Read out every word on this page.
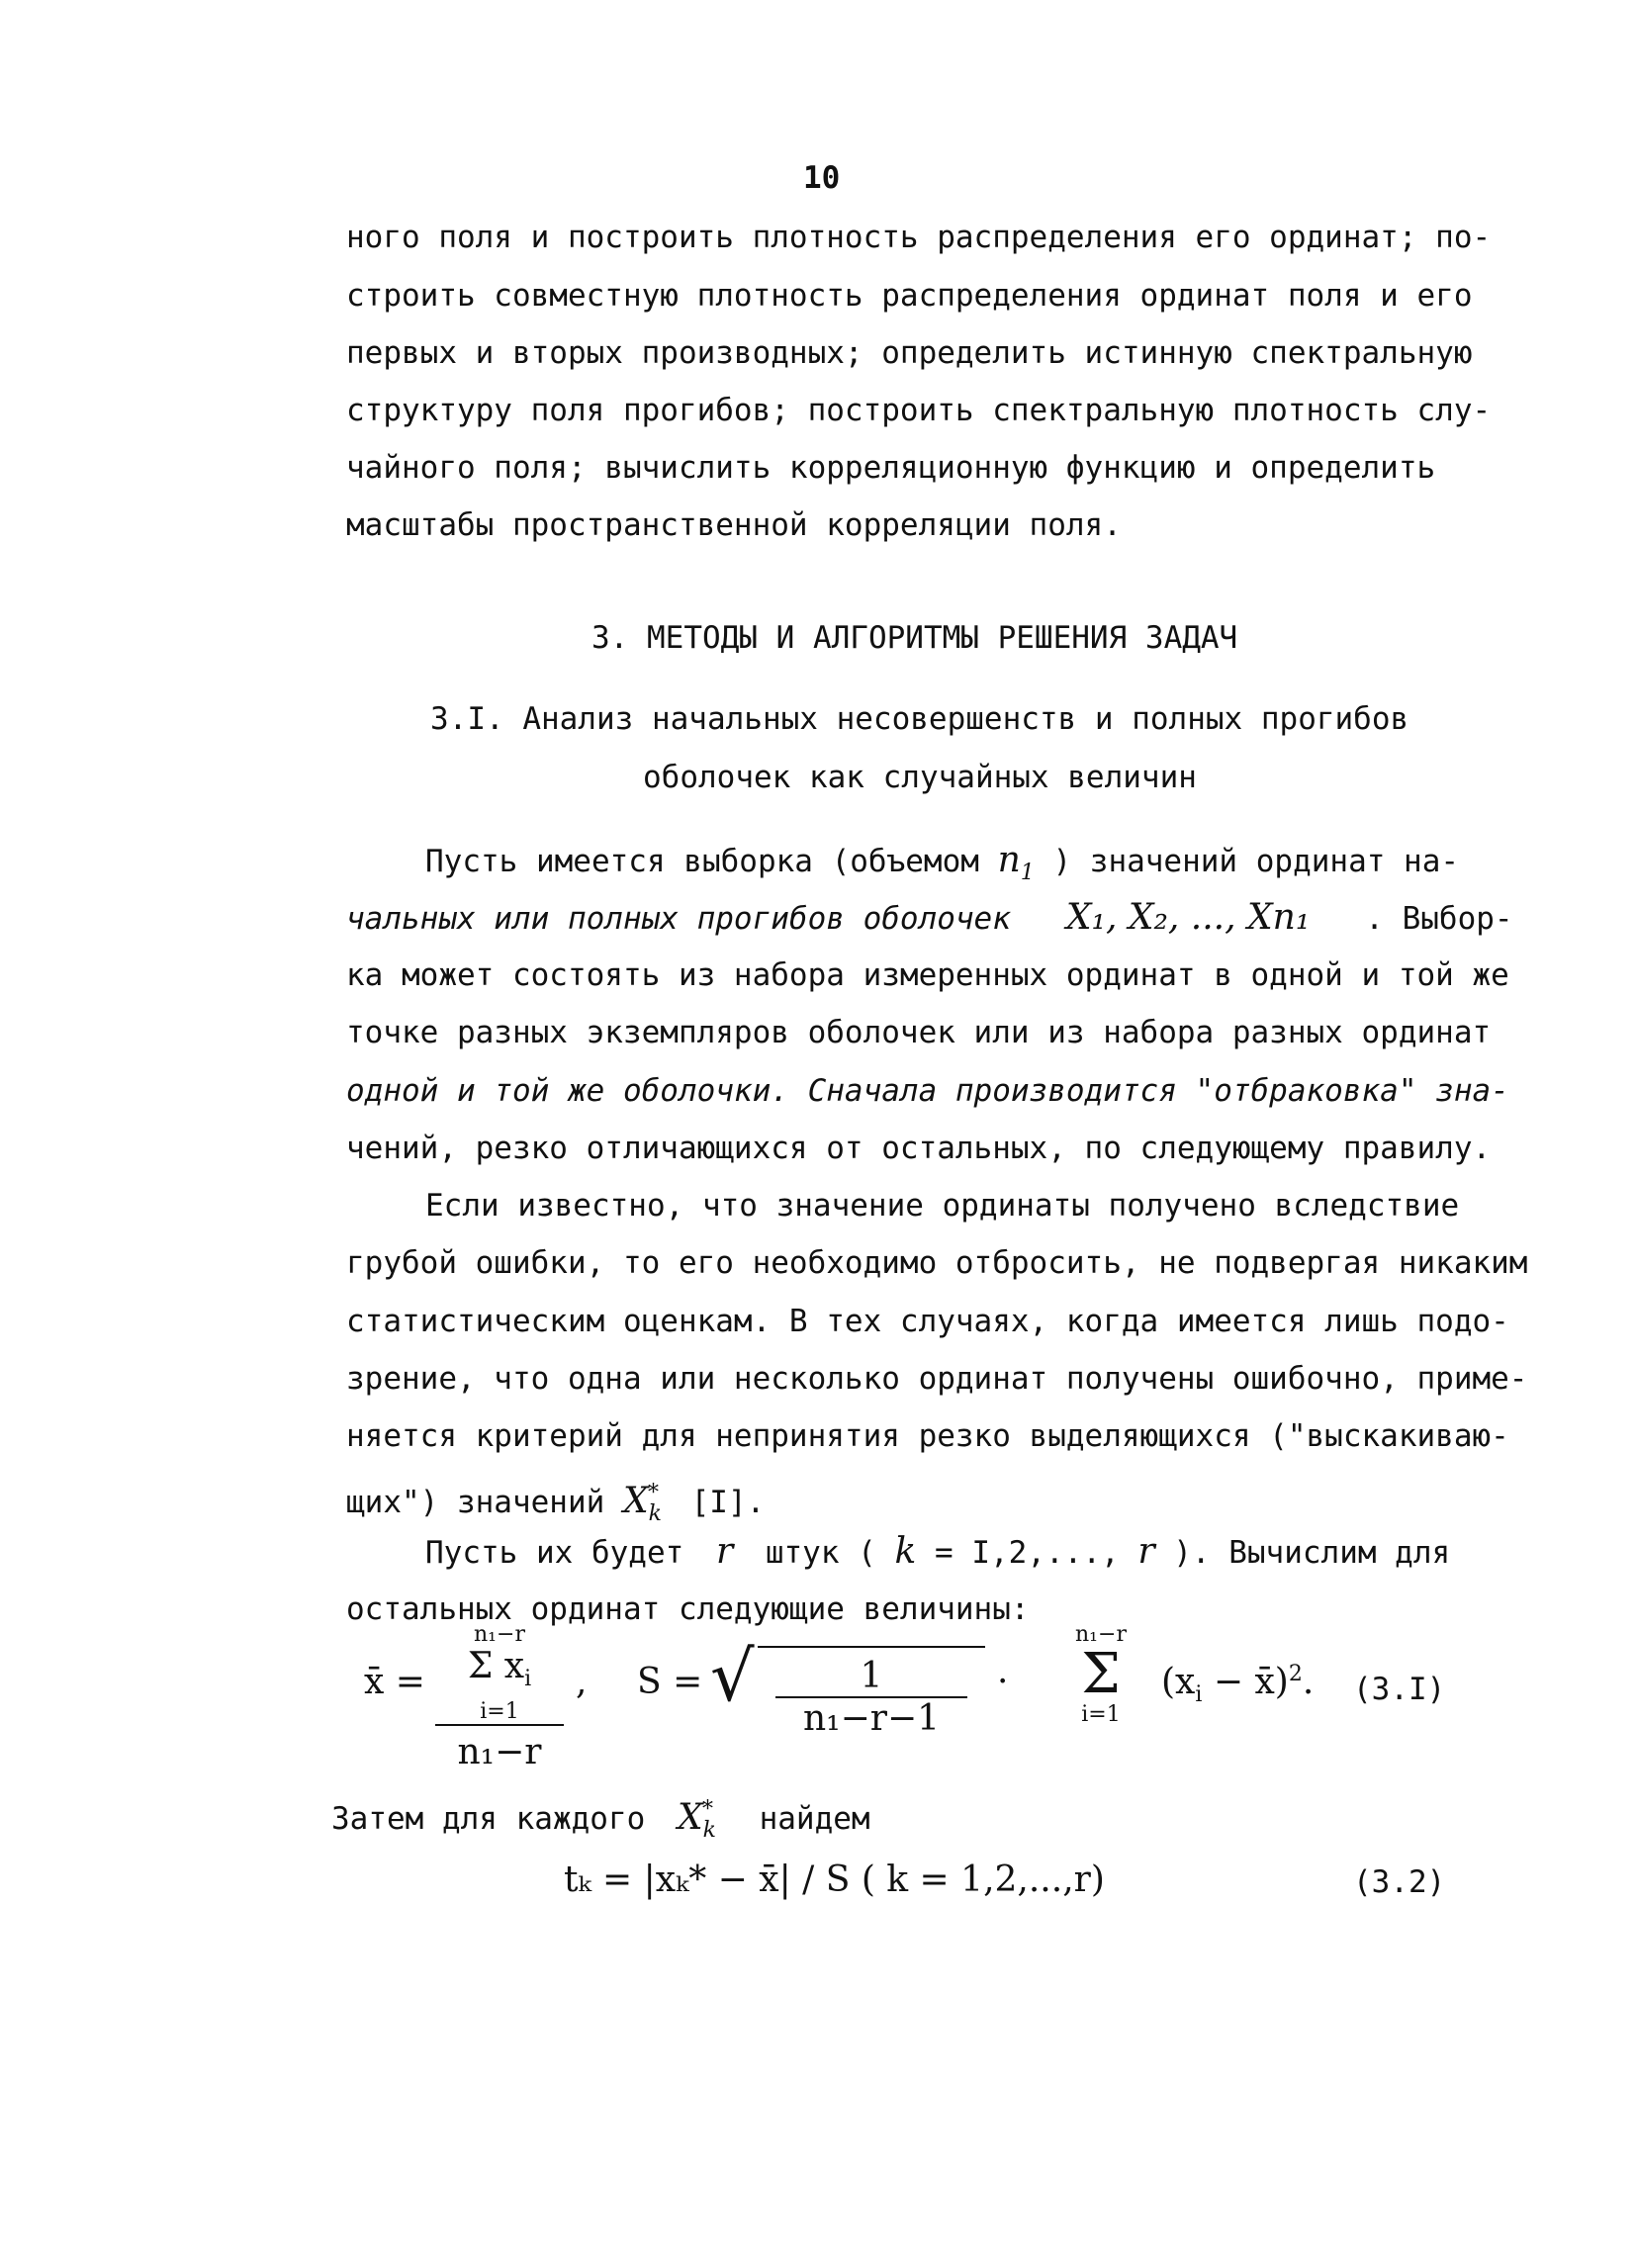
10
ного поля и построить плотность распределения его ординат; по-
строить совместную плотность распределения ординат поля и его
первых и вторых производных; определить истинную спектральную
структуру поля прогибов; построить спектральную плотность слу-
чайного поля; вычислить корреляционную функцию и определить
масштабы пространственной корреляции поля.
3. МЕТОДЫ И АЛГОРИТМЫ РЕШЕНИЯ ЗАДАЧ
3.I. Анализ начальных несовершенств и полных прогибов
оболочек как случайных величин
Пусть имеется выборка (объемом $n_1$ ) значений ординат на-
чальных или полных прогибов оболочек X₁, X₂, ..., Xn₁ . Выбор-
ка может состоять из набора измеренных ординат в одной и той же
точке разных экземпляров оболочек или из набора разных ординат
одной и той же оболочки. Сначала производится "отбраковка" зна-
чений, резко отличающихся от остальных, по следующему правилу.
Если известно, что значение ординаты получено вследствие
грубой ошибки, то его необходимо отбросить, не подвергая никаким
статистическим оценкам. В тех случаях, когда имеется лишь подо-
зрение, что одна или несколько ординат получены ошибочно, приме-
няется критерий для непринятия резко выделяющихся ("выскакиваю-
щих") значений $X_k^*$ [I].
Пусть их будет r штук ( k = I,2,..., r ). Вычислим для
остальных ординат следующие величины:
x̄ =
n₁−r
Σ $x_i$
i=1
n₁−r
, S = √	1
n₁−r−1
·
n₁−r
Σ
i=1
($x_i$ − x̄)$^2$. (3.I)
Затем для каждого $X_k^*$ найдем
tₖ = |xₖ* − x̄| / S ( k = 1,2,...,r)	(3.2)
